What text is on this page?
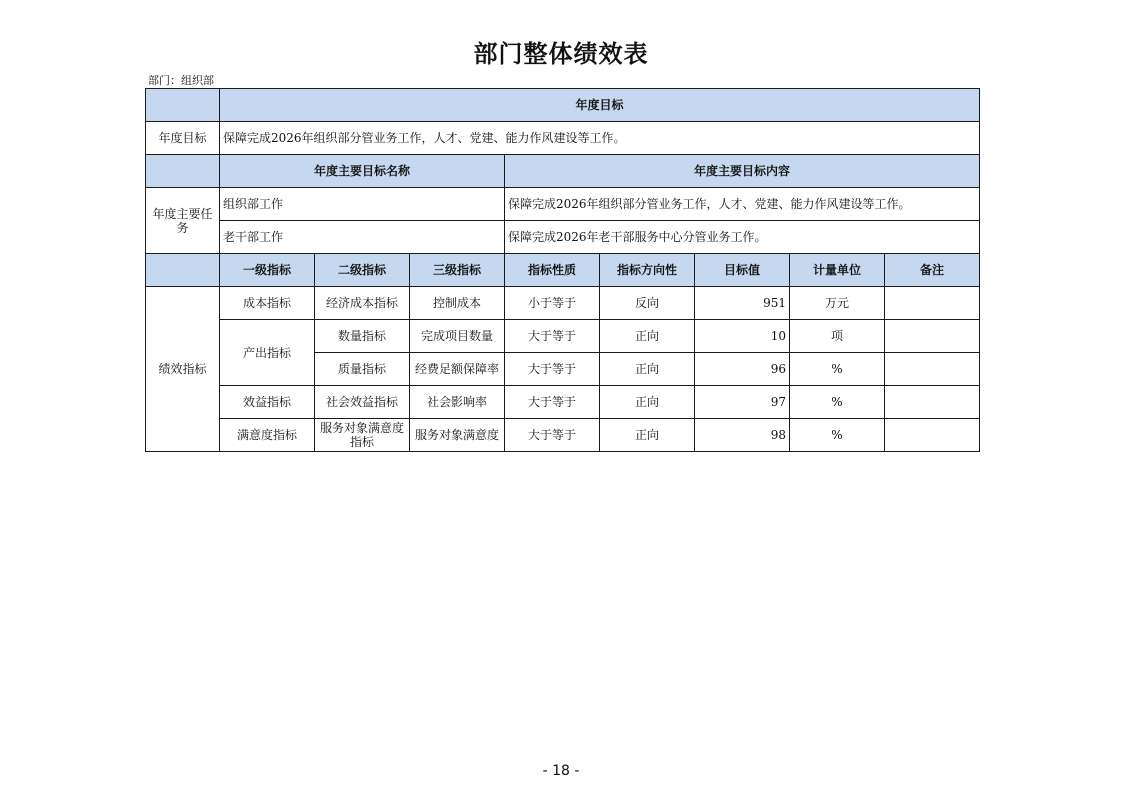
部门整体绩效表
部门：组织部
	年度目标							
年度目标	保障完成2026年组织部分管业务工作，人才、党建、能力作风建设等工作。							
	年度主要目标名称			年度主要目标内容				
年度主要任务	组织部工作			保障完成2026年组织部分管业务工作，人才、党建、能力作风建设等工作。				
	老干部工作			保障完成2026年老干部服务中心分管业务工作。				
	一级指标	二级指标	三级指标	指标性质	指标方向性	目标值	计量单位	备注
绩效指标	成本指标	经济成本指标	控制成本	小于等于	反向	951	万元	
	产出指标	数量指标	完成项目数量	大于等于	正向	10	项	
		质量指标	经费足额保障率	大于等于	正向	96	%	
	效益指标	社会效益指标	社会影响率	大于等于	正向	97	%	
	满意度指标	服务对象满意度指标	服务对象满意度	大于等于	正向	98	%	
- 18 -
